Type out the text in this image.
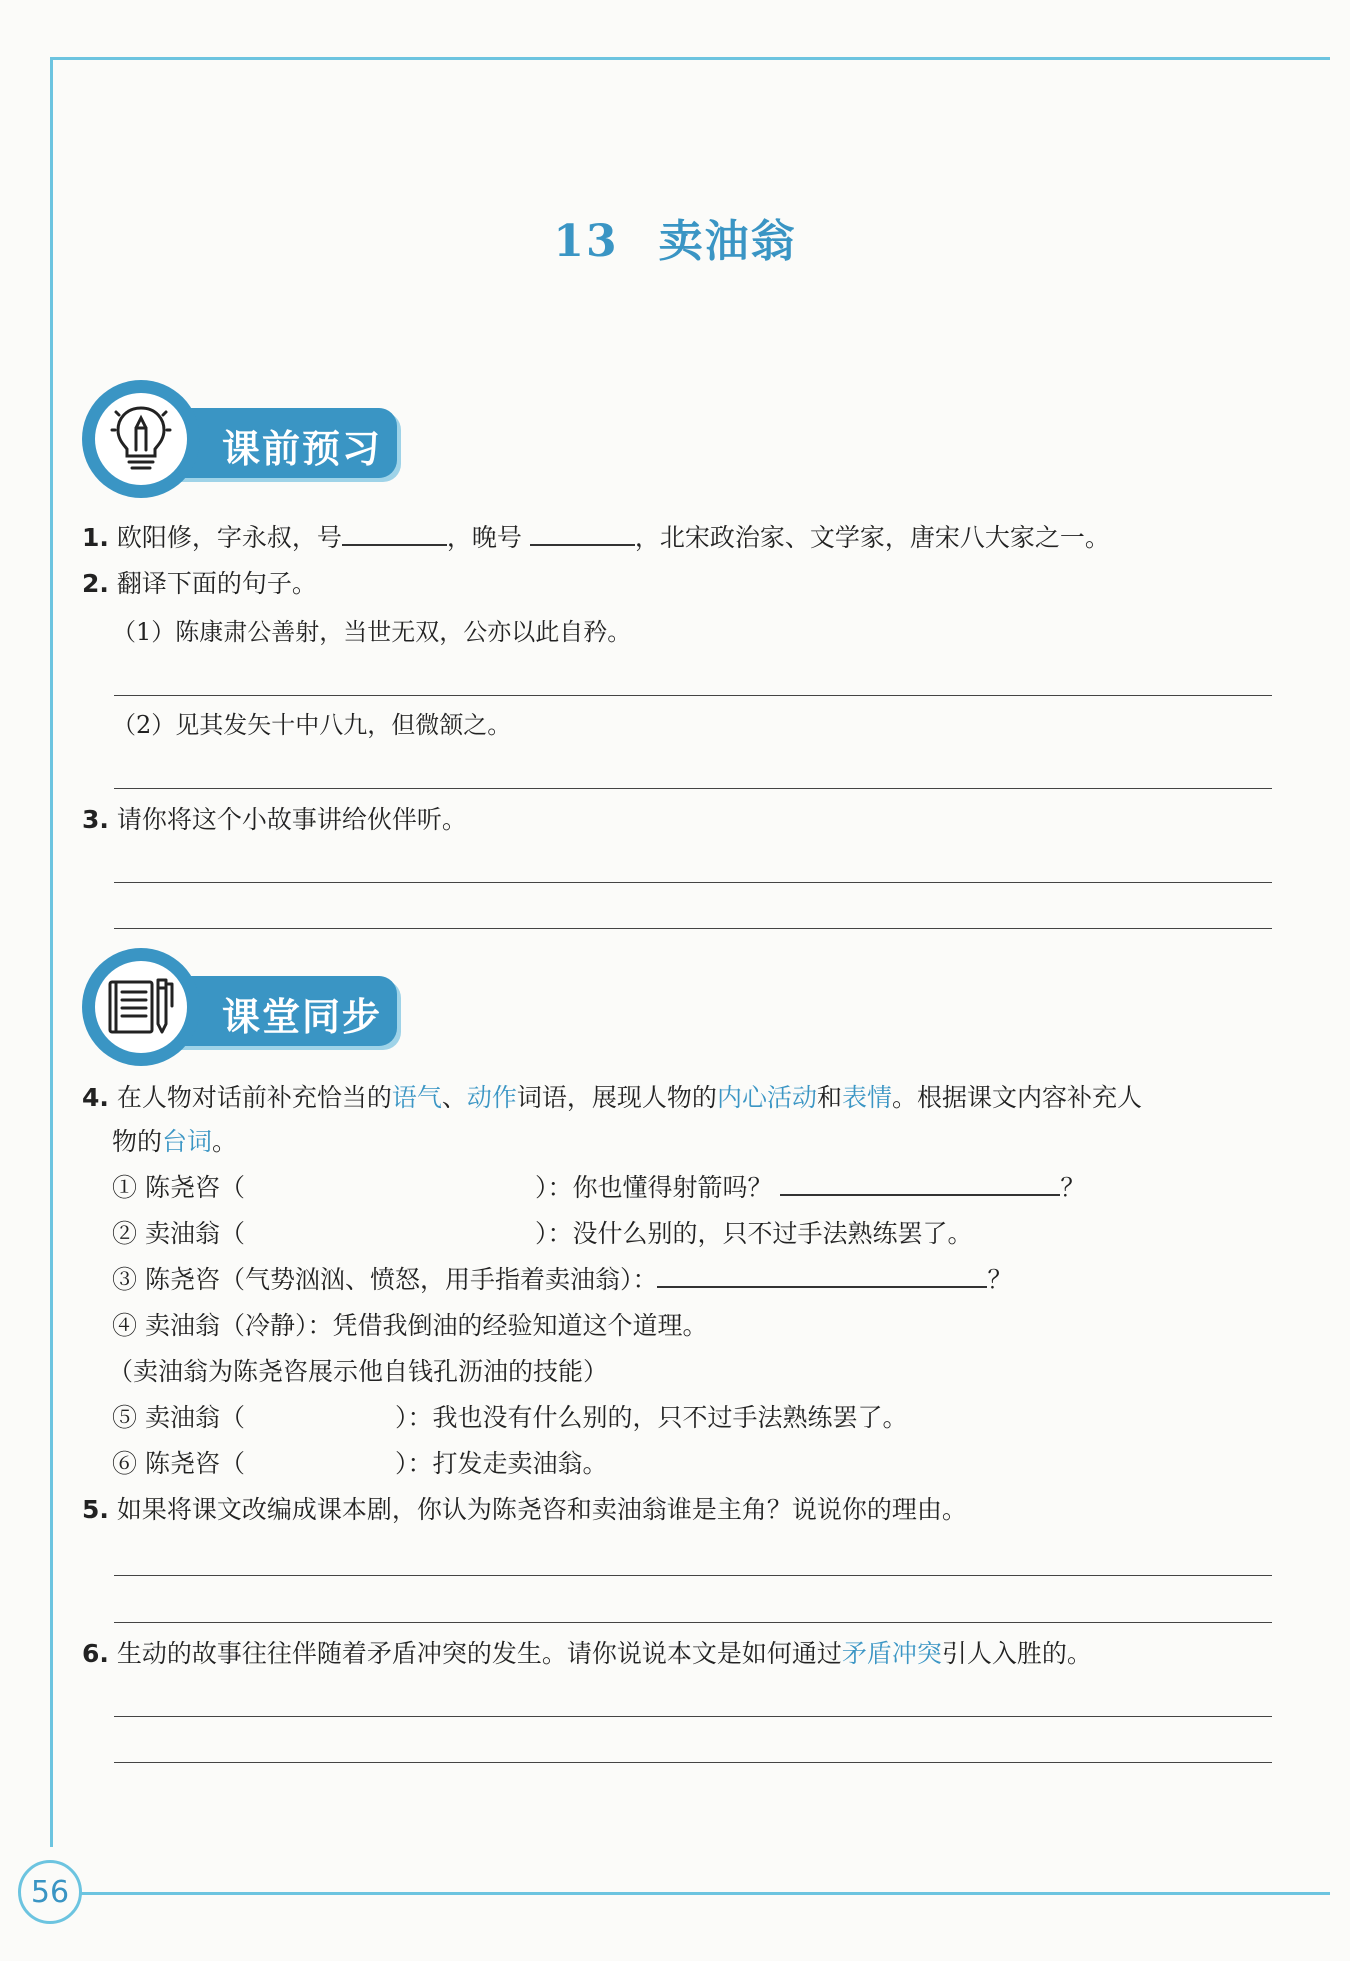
56
13 卖油翁
课前预习
1. 欧阳修，字永叔，号	，晚号	，北宋政治家、文学家，唐宋八大家之一。
2. 翻译下面的句子。
（1）陈康肃公善射，当世无双，公亦以此自矜。
（2）见其发矢十中八九，但微颔之。
3. 请你将这个小故事讲给伙伴听。
课堂同步
4. 在人物对话前补充恰当的语气、动作词语，展现人物的内心活动和表情。根据课文内容补充人
物的台词。
① 陈尧咨（	）：你也懂得射箭吗？	？
② 卖油翁（	）：没什么别的，只不过手法熟练罢了。
③ 陈尧咨（气势汹汹、愤怒，用手指着卖油翁）：	？
④ 卖油翁（冷静）：凭借我倒油的经验知道这个道理。
（卖油翁为陈尧咨展示他自钱孔沥油的技能）
⑤ 卖油翁（	）：我也没有什么别的，只不过手法熟练罢了。
⑥ 陈尧咨（	）：打发走卖油翁。
5. 如果将课文改编成课本剧，你认为陈尧咨和卖油翁谁是主角？说说你的理由。
6. 生动的故事往往伴随着矛盾冲突的发生。请你说说本文是如何通过矛盾冲突引人入胜的。
